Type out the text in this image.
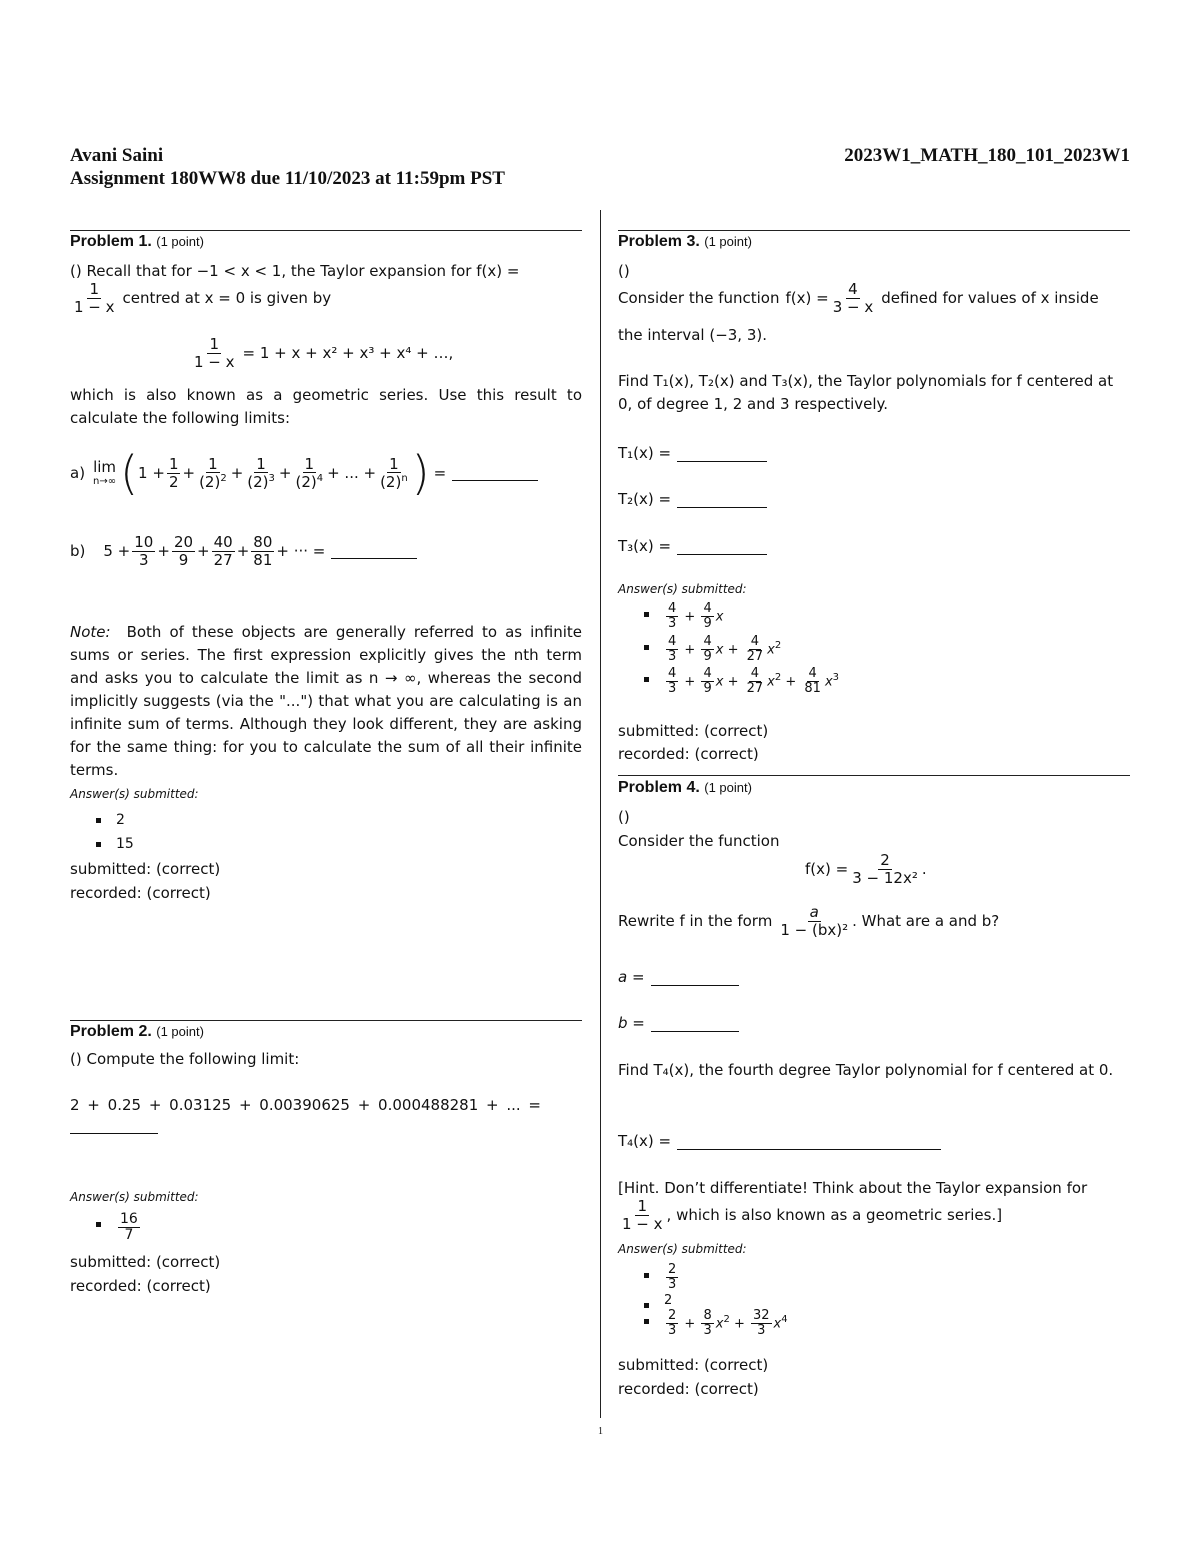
Avani Saini
Assignment 180WW8 due 11/10/2023 at 11:59pm PST
2023W1_MATH_180_101_2023W1
Problem 1. (1 point)
() Recall that for −1 < x < 1, the Taylor expansion for f(x) =
$\frac{1}{1 - x}$ centred at x = 0 is given by
$\frac{1}{1 - x} = 1 + x + x^2 + x^3 + x^4$ + …,
which is also known as a geometric series. Use this result to calculate the following limits:
a) lim
n→∞ ( $1 + \frac{1}{2} + \frac{1}{(2)^2} + \frac{1}{(2)^3} + \frac{1}{(2)^4}$ + ... + $\frac{1}{(2)^n}$ ) =
b) $5 + \frac{10}{3} + \frac{20}{9} + \frac{40}{27} + \frac{80}{81}$ + ··· =
Note: Both of these objects are generally referred to as infinite sums or series. The first expression explicitly gives the nth term and asks you to calculate the limit as n → ∞, whereas the second implicitly suggests (via the "...") that what you are calculating is an infinite sum of terms. Although they look different, they are asking for the same thing: for you to calculate the sum of all their infinite terms.
Answer(s) submitted:
2
15
submitted: (correct)
recorded: (correct)
Problem 2. (1 point)
() Compute the following limit:
2 + 0.25 + 0.03125 + 0.00390625 + 0.000488281 + ... =
Answer(s) submitted:
$\frac{16}{7}$
submitted: (correct)
recorded: (correct)
Problem 3. (1 point)
()
Consider the function $f(x) = \frac{4}{3 - x}$ defined for values of x inside
the interval (−3, 3).
Find T₁(x), T₂(x) and T₃(x), the Taylor polynomials for f centered at 0, of degree 1, 2 and 3 respectively.
T₁(x) =
T₂(x) =
T₃(x) =
Answer(s) submitted:
$\frac{4}{3} + \frac{4}{9}$ x
$\frac{4}{3} + \frac{4}{9}$ $x + \frac{4}{27} x^2$
$\frac{4}{3} + \frac{4}{9}$ $x + \frac{4}{27} x^2 + \frac{4}{81} x^3$
submitted: (correct)
recorded: (correct)
Problem 4. (1 point)
()
Consider the function
$f(x) = \frac{2}{\text{3 − 12x²}}$ .
Rewrite f in the form $\frac{a}{\text{1 − (bx)²}}$ . What are a and b?
a =
b =
Find T₄(x), the fourth degree Taylor polynomial for f centered at 0.
T₄(x) =
[Hint. Don’t differentiate! Think about the Taylor expansion for
$\frac{1}{1 - x}$ , which is also known as a geometric series.]
Answer(s) submitted:
$\frac{2}{3}$
2
$\frac{2}{3} + \frac{8}{3} x^2 + \frac{32}{3} x^4$
submitted: (correct)
recorded: (correct)
1
